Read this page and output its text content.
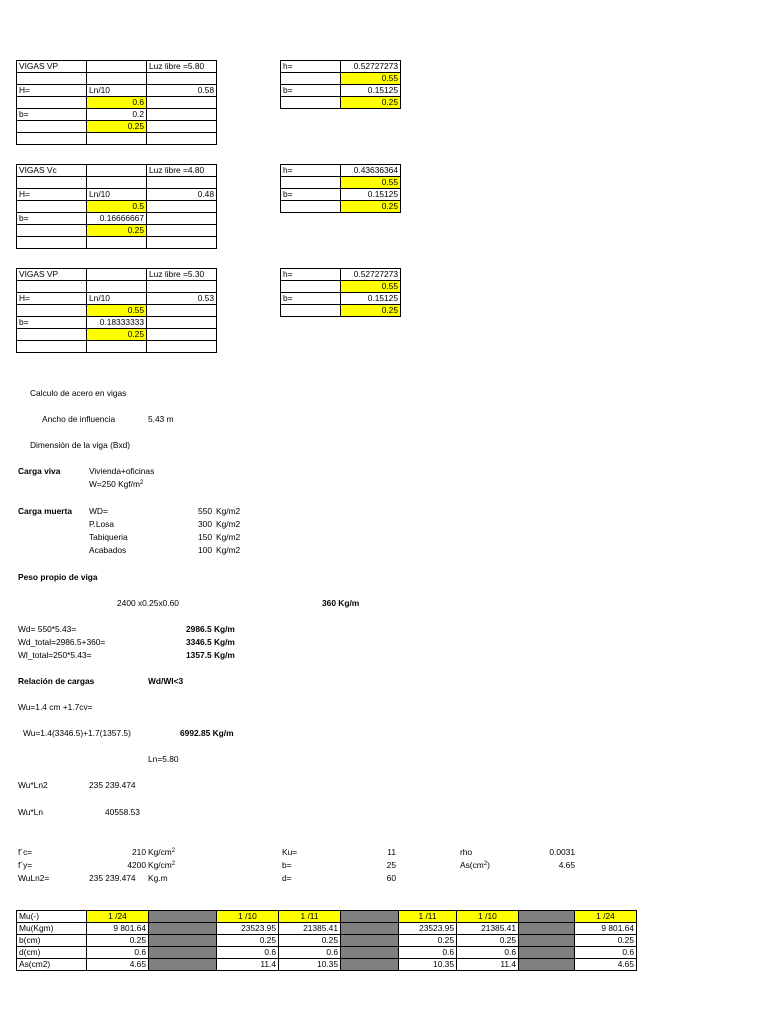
VIGAS VP		Luz libre =5.80

H=	Ln/10	0.58
	0.6	
b=	0.2	
	0.25	

h=	0.52727273
	0.55
b=	0.15125
	0.25
VIGAS Vc		Luz libre =4.80

H=	Ln/10	0.48
	0.5	
b=	0.16666667	
	0.25	

h=	0.43636364
	0.55
b=	0.15125
	0.25
VIGAS VP		Luz libre =5.30

H=	Ln/10	0.53
	0.55	
b=	0.18333333	
	0.25	

h=	0.52727273
	0.55
b=	0.15125
	0.25
Calculo de acero en vigas
Ancho de influencia	5.43 m
Dimensión de la viga (Bxd)
Carga viva	Vivienda+oficinas
W=250 Kgf/$m^2$
Carga muerta WD=	550 Kg/m2
P.Losa	300 Kg/m2
Tabiqueria	150 Kg/m2
Acabados	100 Kg/m2
Peso propio de viga
2400 x0.25x0.60	360 Kg/m
Wd= 550*5.43=	2986.5 Kg/m
Wd_total=2986.5+360=	3346.5 Kg/m
Wl_total=250*5.43=	1357.5 Kg/m
Relación de cargas	Wd/Wl<3
Wu=1.4 cm +1.7cv=
Wu=1.4(3346.5)+1.7(1357.5)	6992.85 Kg/m
Ln=5.80
Wu*Ln2	235 239.474
Wu*Ln	40558.53
f´c=	210 $Kg/cm^2$
f´y=	4200 $Kg/cm^2$
WuLn2=	235 239.474 Kg.m
Ku=	11
b=	25
d=	60
rho	0.0031
$As(cm^2)$	4.65
Mu(-)	1 /24		1 /10	1 /11		1 /11	1 /10		1 /24
Mu(Kgm)	9 801.64		23523.95	21385.41		23523.95	21385.41		9 801.64
b(cm)	0.25		0.25	0.25		0.25	0.25		0.25
d(cm)	0.6		0.6	0.6		0.6	0.6		0.6
As(cm2)	4.65		11.4	10.35		10.35	11.4		4.65
